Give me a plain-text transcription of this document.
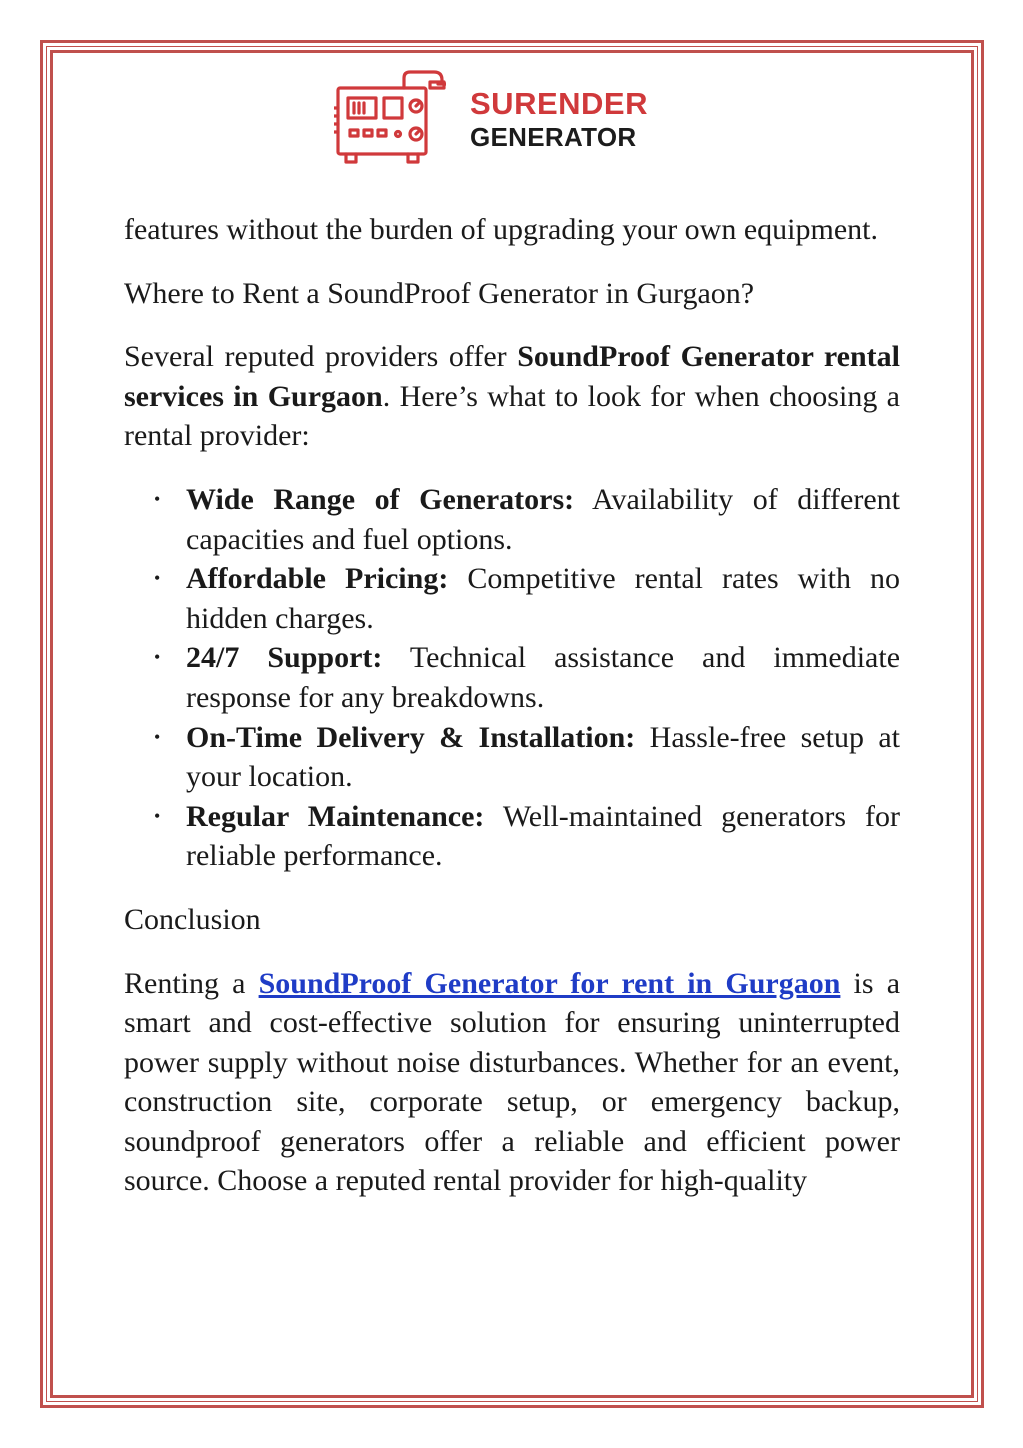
SURENDER
GENERATOR

features without the burden of upgrading your own equipment.

Where to Rent a SoundProof Generator in Gurgaon?

Several reputed providers offer SoundProof Generator rental services in Gurgaon. Here’s what to look for when choosing a rental provider:

• Wide Range of Generators: Availability of different capacities and fuel options.
• Affordable Pricing: Competitive rental rates with no hidden charges.
• 24/7 Support: Technical assistance and immediate response for any breakdowns.
• On-Time Delivery & Installation: Hassle-free setup at your location.
• Regular Maintenance: Well-maintained generators for reliable performance.

Conclusion

Renting a SoundProof Generator for rent in Gurgaon is a smart and cost-effective solution for ensuring uninterrupted power supply without noise disturbances. Whether for an event, construction site, corporate setup, or emergency backup, soundproof generators offer a reliable and efficient power source. Choose a reputed rental provider for high-quality
